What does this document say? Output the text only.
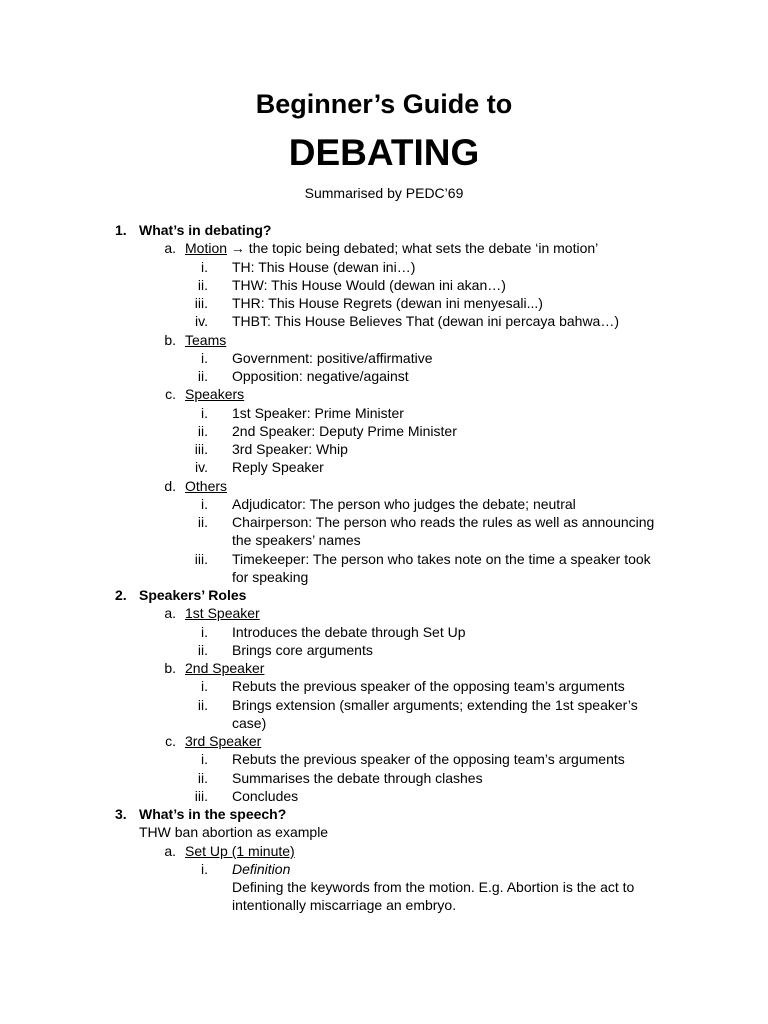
Beginner’s Guide to
DEBATING
Summarised by PEDC’69
1. What’s in debating?
a. Motion → the topic being debated; what sets the debate ‘in motion’
i. TH: This House (dewan ini…)
ii. THW: This House Would (dewan ini akan…)
iii. THR: This House Regrets (dewan ini menyesali...)
iv. THBT: This House Believes That (dewan ini percaya bahwa…)
b. Teams
i. Government: positive/affirmative
ii. Opposition: negative/against
c. Speakers
i. 1st Speaker: Prime Minister
ii. 2nd Speaker: Deputy Prime Minister
iii. 3rd Speaker: Whip
iv. Reply Speaker
d. Others
i. Adjudicator: The person who judges the debate; neutral
ii. Chairperson: The person who reads the rules as well as announcing
the speakers’ names
iii. Timekeeper: The person who takes note on the time a speaker took
for speaking
2. Speakers’ Roles
a. 1st Speaker
i. Introduces the debate through Set Up
ii. Brings core arguments
b. 2nd Speaker
i. Rebuts the previous speaker of the opposing team’s arguments
ii. Brings extension (smaller arguments; extending the 1st speaker’s
case)
c. 3rd Speaker
i. Rebuts the previous speaker of the opposing team’s arguments
ii. Summarises the debate through clashes
iii. Concludes
3. What’s in the speech?
THW ban abortion as example
a. Set Up (1 minute)
i. Definition
Defining the keywords from the motion. E.g. Abortion is the act to
intentionally miscarriage an embryo.
